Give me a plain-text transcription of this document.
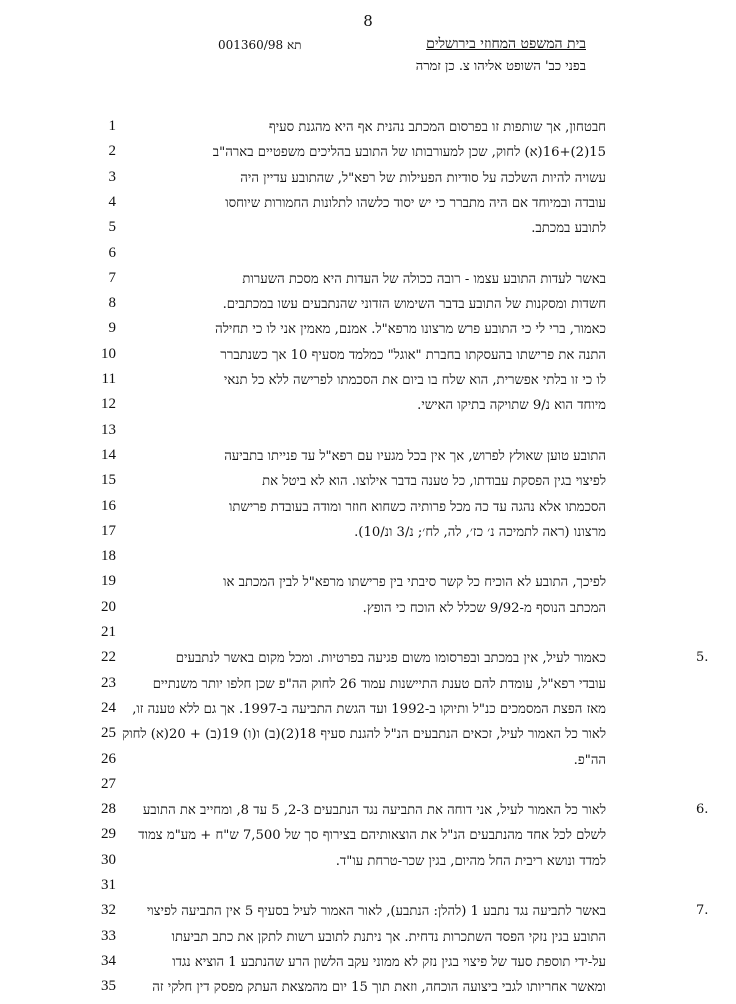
8
תא 001360/98	בית המשפט המחוזי בירושלים
בפני כב' השופט אליהו צ. כן זמרה
1	חבטחון, אך שותפות זו בפרסום המכתב נהנית אף היא מהגנת סעיף
2	15(2)+16(א) לחוק, שכן למעורבותו של התובע בהליכים משפטיים בארה"ב
3	עשויה להיות השלכה על סודיות הפעילות של רפא"ל, שהתובע עדיין היה
4	עובדה ובמיוחד אם היה מתברר כי יש יסוד כלשהו לתלונות החמורות שיוחסו
5	לתובע במכתב.
6
7	באשר לעדות התובע עצמו - רובה ככולה של העדות היא מסכת השערות
8	חשדות ומסקנות של התובע בדבר השימוש הזדוני שהנתבעים עשו במכתבים.
9	כאמור, ברי לי כי התובע פרש מרצונו מרפא"ל. אמנם, מאמין אני לו כי תחילה
10	התנה את פרישתו בהעסקתו בחברת "אוגל" כמלמד מסעיף 10 אך כשנתברר
11	לו כי זו בלתי אפשרית, הוא שלח בו ביום את הסכמתו לפרישה ללא כל תנאי
12	מיוחד הוא נ/9 שתויקה בתיקו האישי.
13
14	התובע טוען שאולץ לפרוש, אך אין בכל מגעיו עם רפא"ל עד פנייתו בתביעה
15	לפיצוי בגין הפסקת עבודתו, כל טענה בדבר אילוצו. הוא לא ביטל את
16	הסכמתו אלא נהגה עד כה מכל פרותיה כשחוא חוזר ומודה בעובדת פרישתו
17	מרצונו (ראה לתמיכה נ׳ כז׳, לה, לח׳; נ/3 ונ/10).
18
19	לפיכך, התובע לא הוכיח כל קשר סיבתי בין פרישתו מרפא"ל לבין המכתב או
20	המכתב הנוסף מ-9/92 שכלל לא הוכח כי הופץ.
21
22	כאמור לעיל, אין במכתב ובפרסומו משום פגיעה בפרטיות. ומכל מקום באשר לנתבעים	5.
23	עובדי רפא"ל, עומדת להם טענת התיישנות עמוד 26 לחוק הה"פ שכן חלפו יותר משנתיים
24	מאז הפצת המסמכים כנ"ל ותיוקו ב-1992 ועד הגשת התביעה ב-1997. אך גם ללא טענה זו,
25 לאור כל האמור לעיל, זכאים הנתבעים הנ"ל להגנת סעיף 18(2)(ב) ו(ו) 19(ב) + 20(א) לחוק
26	הה"פ.
27
28	לאור כל האמור לעיל, אני דוחה את התביעה נגד הנתבעים 2-3, 5 עד 8, ומחייב את התובע	6.
29	לשלם לכל אחד מהנתבעים הנ"ל את הוצאותיהם בצירוף סך של 7,500 ש"ח + מע"מ צמוד
30	למדד ונושא ריבית החל מהיום, בגין שכר-טרחת עו"ד.
31
32	באשר לתביעה נגד נתבע 1 (להלן: הנתבע), לאור האמור לעיל בסעיף 5 אין התביעה לפיצוי	7.
33	התובע בגין נזקי הפסד השתכרות נדחית. אך ניתנת לתובע רשות לתקן את כתב תביעתו
34	על-ידי תוספת סעד של פיצוי בגין נזק לא ממוני עקב הלשון הרע שהנתבע 1 הוציא נגדו
35	ומאשר אחריותו לגבי ביצועה הוכחה, וזאת תוך 15 יום מהמצאת העתק מפסק דין חלקי זה
